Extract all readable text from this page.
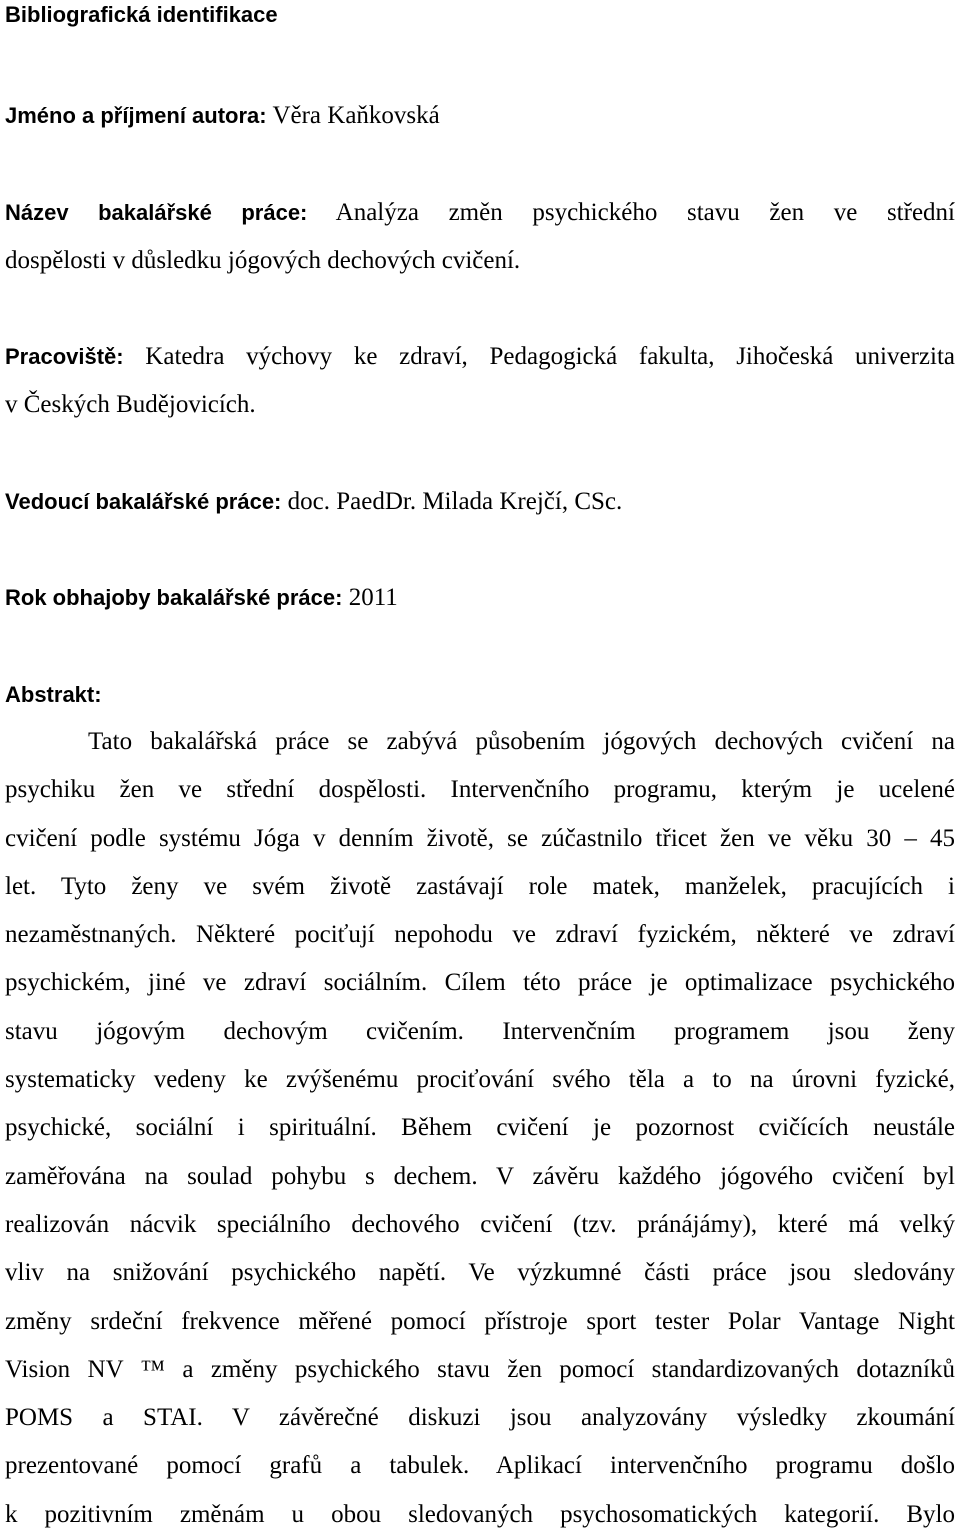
Bibliografická identifikace
Jméno a příjmení autora: Věra Kaňkovská
Název bakalářské práce: Analýza změn psychického stavu žen ve střední
dospělosti v důsledku jógových dechových cvičení.
Pracoviště: Katedra výchovy ke zdraví, Pedagogická fakulta, Jihočeská univerzita
v Českých Budějovicích.
Vedoucí bakalářské práce: doc. PaedDr. Milada Krejčí, CSc.
Rok obhajoby bakalářské práce: 2011
Abstrakt:
Tato bakalářská práce se zabývá působením jógových dechových cvičení na
psychiku žen ve střední dospělosti. Intervenčního programu, kterým je ucelené
cvičení podle systému Jóga v denním životě, se zúčastnilo třicet žen ve věku 30 – 45
let. Tyto ženy ve svém životě zastávají role matek, manželek, pracujících i
nezaměstnaných. Některé pociťují nepohodu ve zdraví fyzickém, některé ve zdraví
psychickém, jiné ve zdraví sociálním. Cílem této práce je optimalizace psychického
stavu jógovým dechovým cvičením. Intervenčním programem jsou ženy
systematicky vedeny ke zvýšenému prociťování svého těla a to na úrovni fyzické,
psychické, sociální i spirituální. Během cvičení je pozornost cvičících neustále
zaměřována na soulad pohybu s dechem. V závěru každého jógového cvičení byl
realizován nácvik speciálního dechového cvičení (tzv. pránájámy), které má velký
vliv na snižování psychického napětí. Ve výzkumné části práce jsou sledovány
změny srdeční frekvence měřené pomocí přístroje sport tester Polar Vantage Night
Vision NV ™ a změny psychického stavu žen pomocí standardizovaných dotazníků
POMS a STAI. V závěrečné diskuzi jsou analyzovány výsledky zkoumání
prezentované pomocí grafů a tabulek. Aplikací intervenčního programu došlo
k pozitivním změnám u obou sledovaných psychosomatických kategorií. Bylo
